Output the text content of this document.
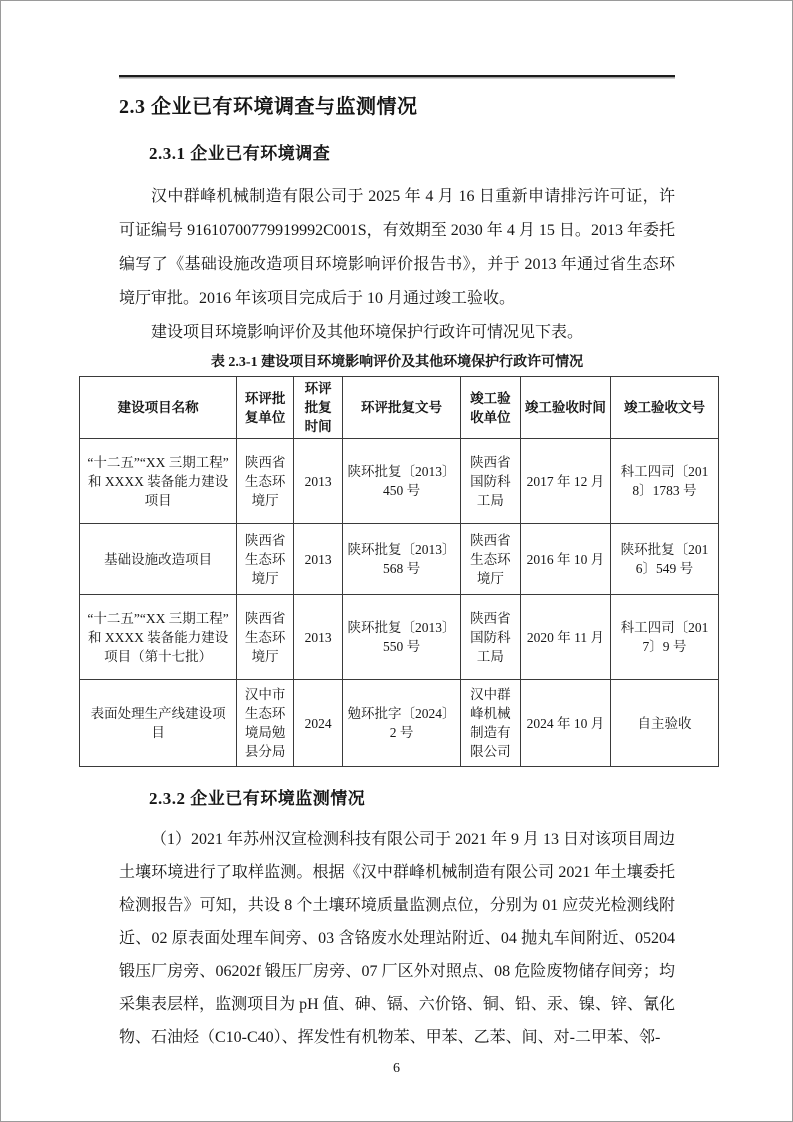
2.3 企业已有环境调查与监测情况
2.3.1 企业已有环境调查

汉中群峰机械制造有限公司于 2025 年 4 月 16 日重新申请排污许可证，许可证编号 91610700779919992C001S，有效期至 2030 年 4 月 15 日。2013 年委托编写了《基础设施改造项目环境影响评价报告书》，并于 2013 年通过省生态环境厅审批。2016 年该项目完成后于 10 月通过竣工验收。

建设项目环境影响评价及其他环境保护行政许可情况见下表。

表 2.3-1 建设项目环境影响评价及其他环境保护行政许可情况
建设项目名称	环评批复单位	环评批复时间	环评批复文号	竣工验收单位	竣工验收时间	竣工验收文号
“十二五”“XX 三期工程”和 XXXX 装备能力建设项目	陕西省生态环境厅	2013	陕环批复〔2013〕450 号	陕西省国防科工局	2017 年 12 月	科工四司〔2018〕1783 号
基础设施改造项目	陕西省生态环境厅	2013	陕环批复〔2013〕568 号	陕西省生态环境厅	2016 年 10 月	陕环批复〔2016〕549 号
“十二五”“XX 三期工程”和 XXXX 装备能力建设项目（第十七批）	陕西省生态环境厅	2013	陕环批复〔2013〕550 号	陕西省国防科工局	2020 年 11 月	科工四司〔2017〕9 号
表面处理生产线建设项目	汉中市生态环境局勉县分局	2024	勉环批字〔2024〕2 号	汉中群峰机械制造有限公司	2024 年 10 月	自主验收
2.3.2 企业已有环境监测情况

（1）2021 年苏州汉宣检测科技有限公司于 2021 年 9 月 13 日对该项目周边土壤环境进行了取样监测。根据《汉中群峰机械制造有限公司 2021 年土壤委托检测报告》可知，共设 8 个土壤环境质量监测点位，分别为 01 应荧光检测线附近、02 原表面处理车间旁、03 含铬废水处理站附近、04 抛丸车间附近、05204 锻压厂房旁、06202f 锻压厂房旁、07 厂区外对照点、08 危险废物储存间旁；均采集表层样，监测项目为 pH 值、砷、镉、六价铬、铜、铅、汞、镍、锌、氰化物、石油烃（C10-C40）、挥发性有机物苯、甲苯、乙苯、间、对-二甲苯、邻-

6
